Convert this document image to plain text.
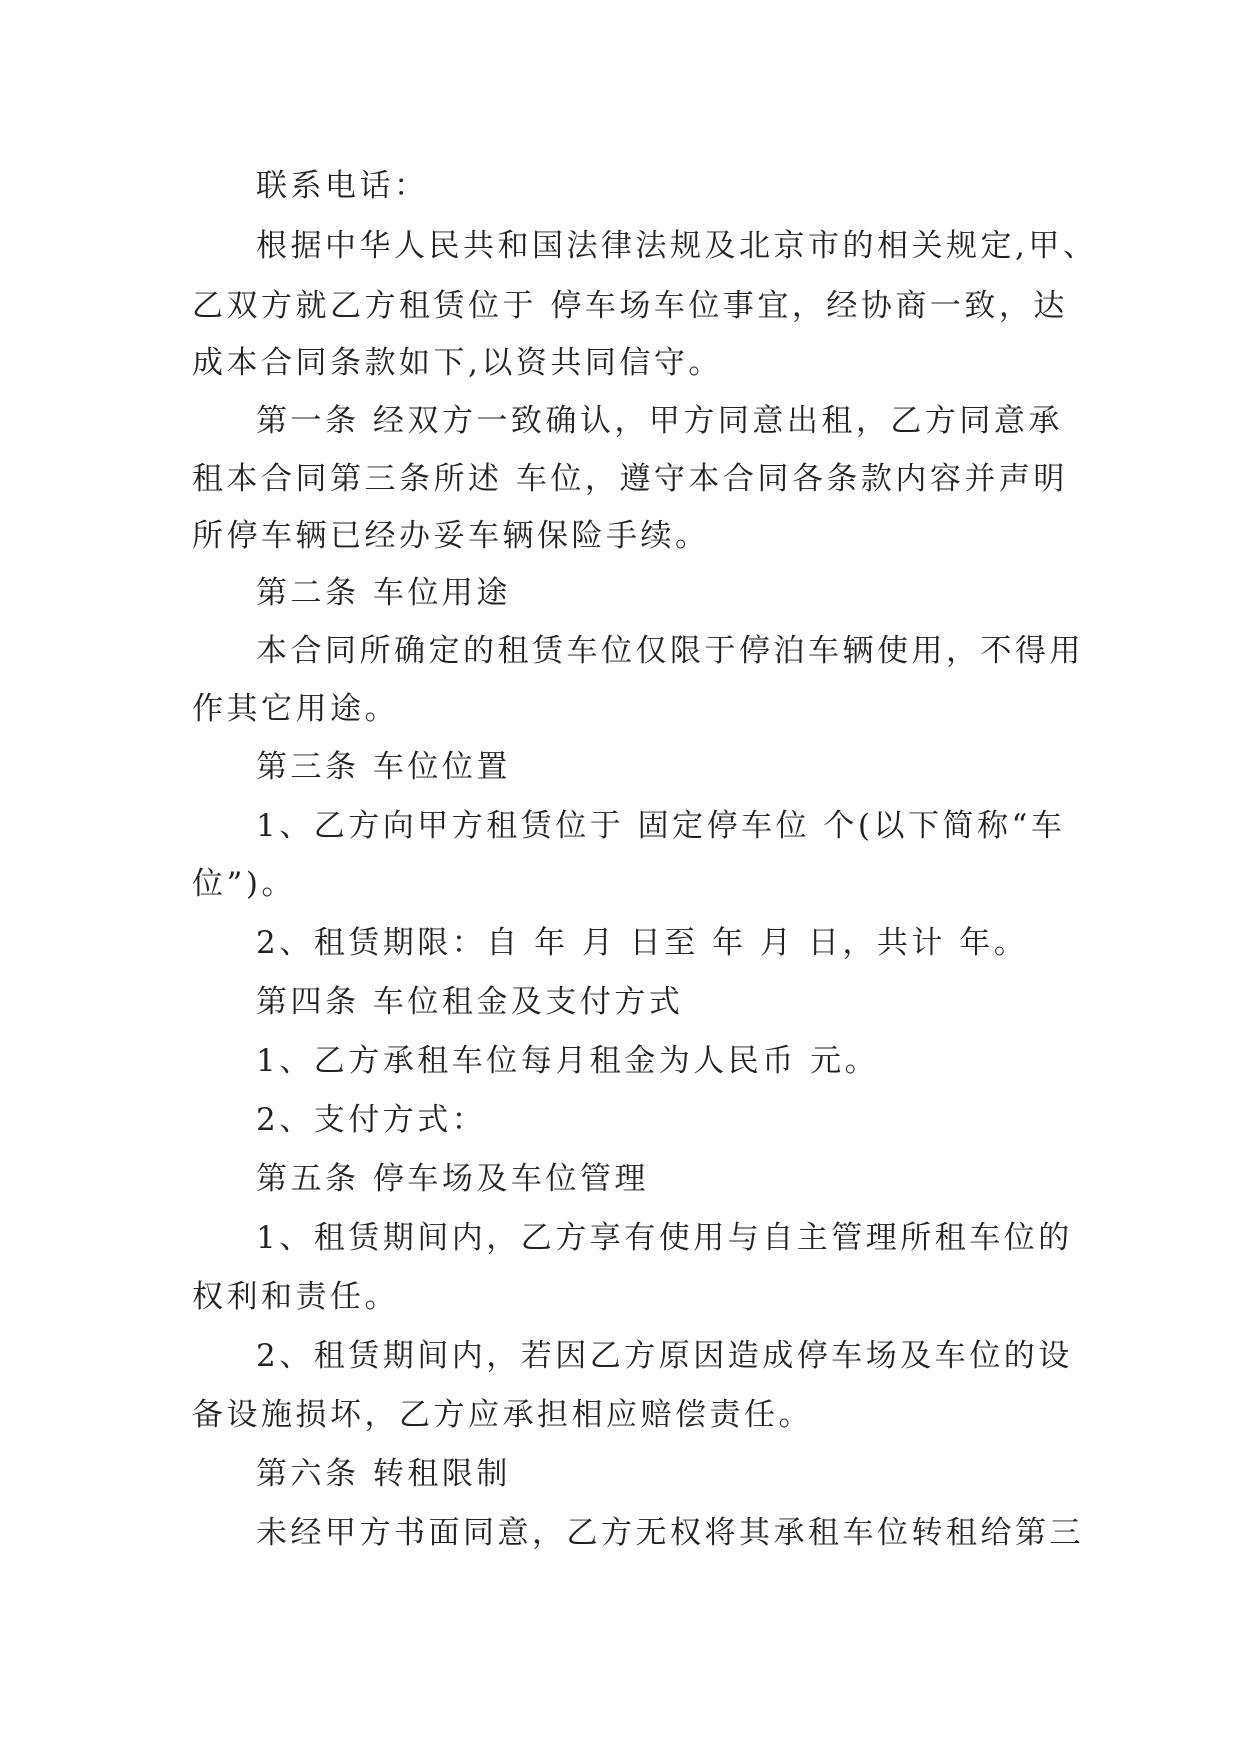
联系电话：
根据中华人民共和国法律法规及北京市的相关规定,甲、
乙双方就乙方租赁位于 停车场车位事宜，经协商一致，达
成本合同条款如下,以资共同信守。
第一条 经双方一致确认，甲方同意出租，乙方同意承
租本合同第三条所述 车位，遵守本合同各条款内容并声明
所停车辆已经办妥车辆保险手续。
第二条 车位用途
本合同所确定的租赁车位仅限于停泊车辆使用，不得用
作其它用途。
第三条 车位位置
1、乙方向甲方租赁位于 固定停车位 个(以下简称“车
位”)。
2、租赁期限：自 年 月 日至 年 月 日，共计 年。
第四条 车位租金及支付方式
1、乙方承租车位每月租金为人民币 元。
2、支付方式：
第五条 停车场及车位管理
1、租赁期间内，乙方享有使用与自主管理所租车位的
权利和责任。
2、租赁期间内，若因乙方原因造成停车场及车位的设
备设施损坏，乙方应承担相应赔偿责任。
第六条 转租限制
未经甲方书面同意，乙方无权将其承租车位转租给第三
